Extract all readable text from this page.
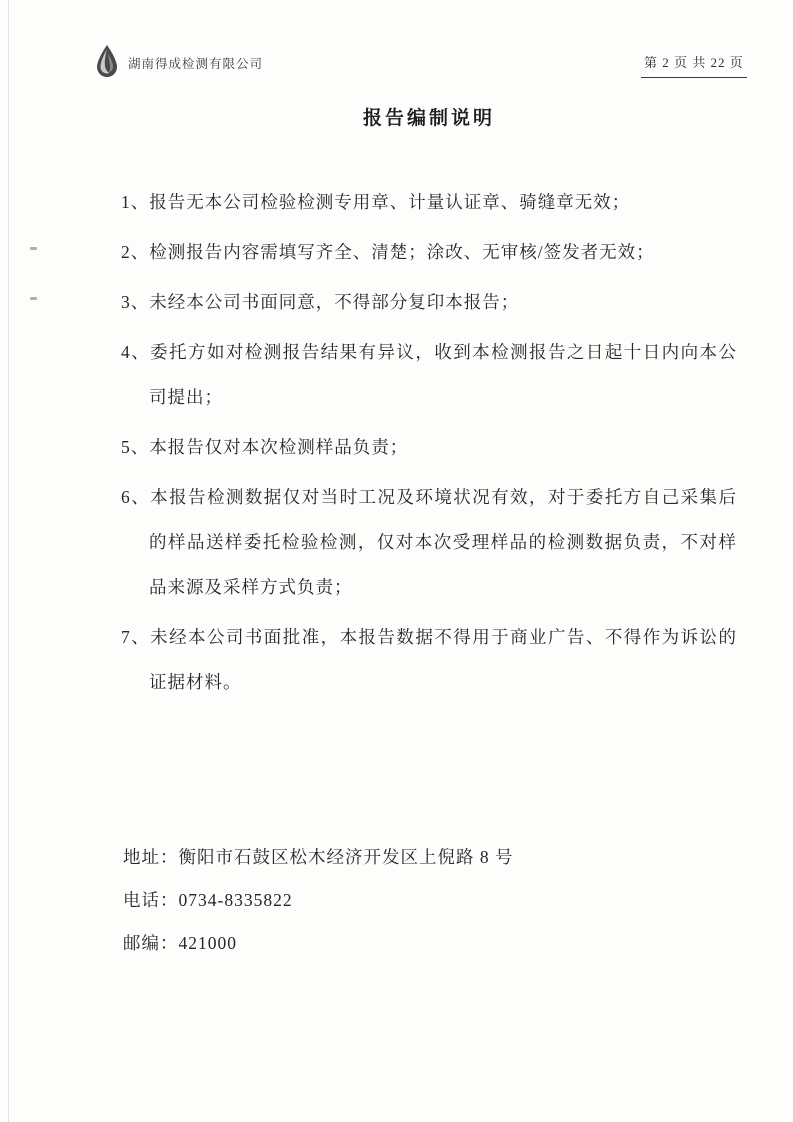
湖南得成检测有限公司	第 2 页 共 22 页
报告编制说明
1、报告无本公司检验检测专用章、计量认证章、骑缝章无效；
2、检测报告内容需填写齐全、清楚；涂改、无审核/签发者无效；
3、未经本公司书面同意，不得部分复印本报告；
4、委托方如对检测报告结果有异议，收到本检测报告之日起十日内向本公司提出；
5、本报告仅对本次检测样品负责；
6、本报告检测数据仅对当时工况及环境状况有效，对于委托方自己采集后的样品送样委托检验检测，仅对本次受理样品的检测数据负责，不对样品来源及采样方式负责；
7、未经本公司书面批准，本报告数据不得用于商业广告、不得作为诉讼的证据材料。
地址：衡阳市石鼓区松木经济开发区上倪路 8 号
电话：0734-8335822
邮编：421000
